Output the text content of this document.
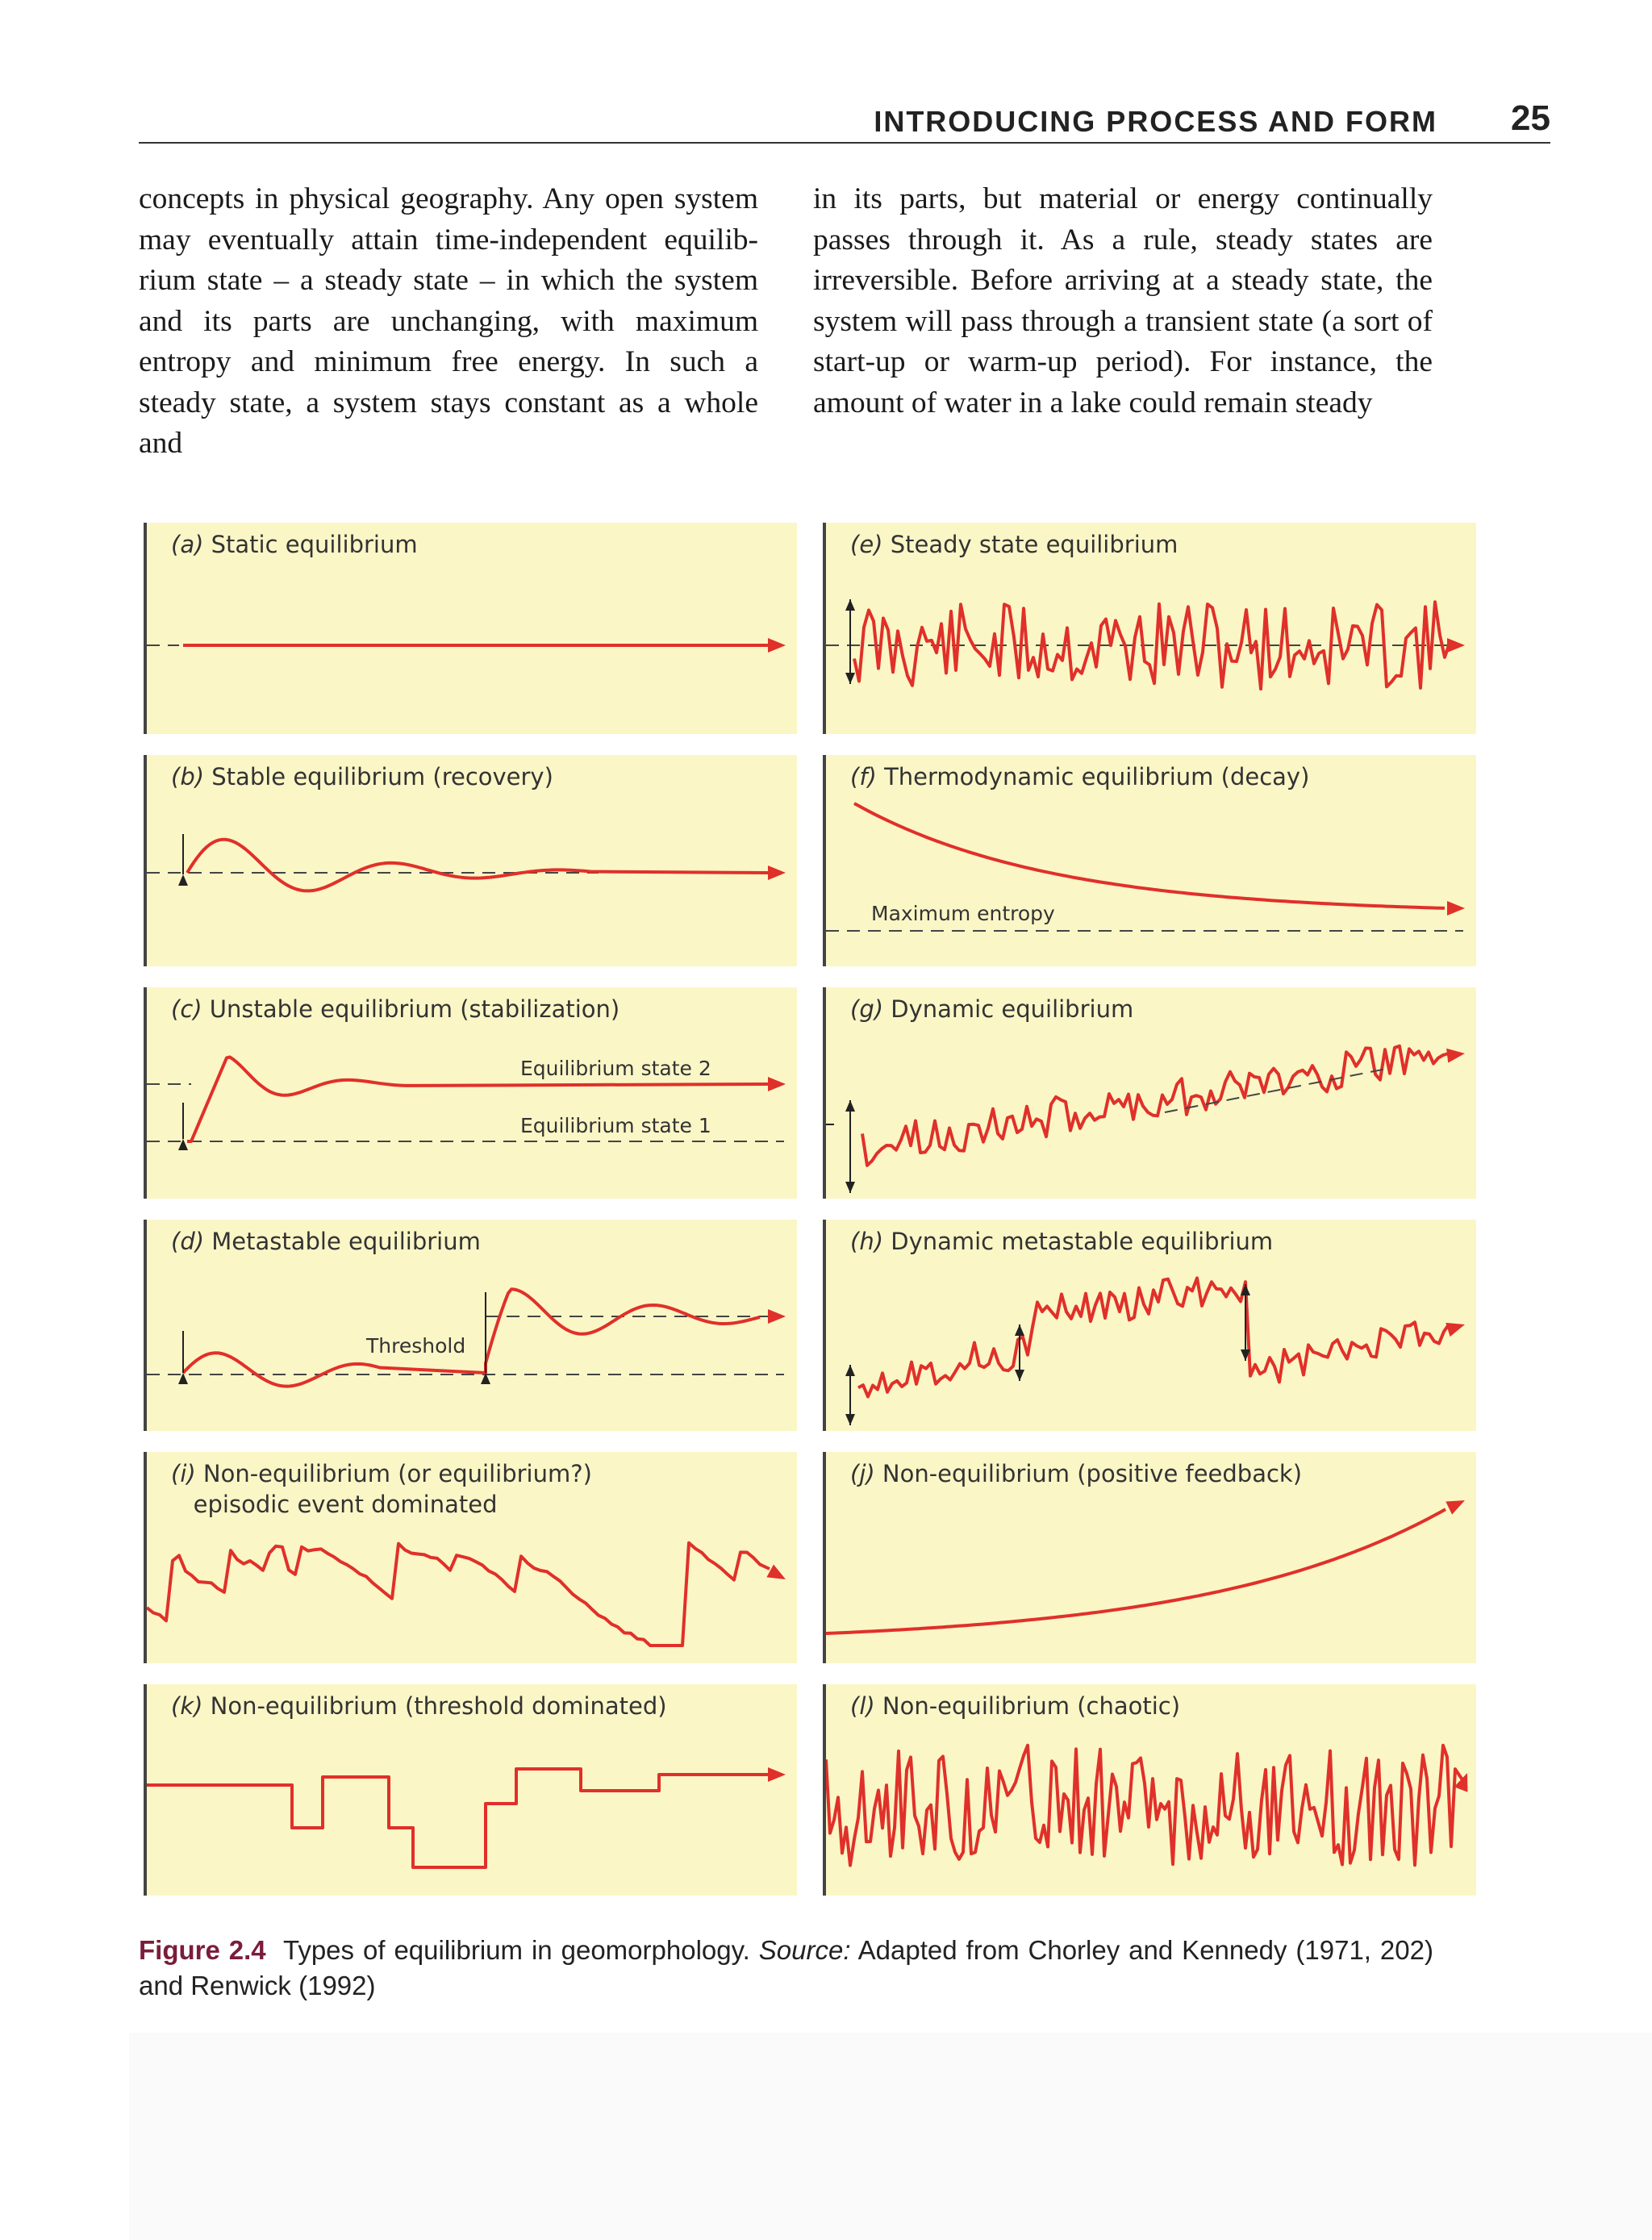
INTRODUCING PROCESS AND FORM 25
concepts in physical geography. Any open system may eventually attain time-independent equilib-rium state – a steady state – in which the system and its parts are unchanging, with maximum entropy and minimum free energy. In such a steady state, a system stays constant as a whole and
in its parts, but material or energy continually passes through it. As a rule, steady states are irreversible. Before arriving at a steady state, the system will pass through a transient state (a sort of start-up or warm-up period). For instance, the amount of water in a lake could remain steady
(a) Static equilibrium	(e) Steady state equilibrium
(b) Stable equilibrium (recovery)	(f) Thermodynamic equilibrium (decay)
Maximum entropy
(c) Unstable equilibrium (stabilization)
Equilibrium state 2
Equilibrium state 1
(g) Dynamic equilibrium
(d) Metastable equilibrium
Threshold
(h) Dynamic metastable equilibrium
(i) Non-equilibrium (or equilibrium?)
episodic event dominated
(j) Non-equilibrium (positive feedback)
(k) Non-equilibrium (threshold dominated)	(l) Non-equilibrium (chaotic)
Figure 2.4 Types of equilibrium in geomorphology. Source: Adapted from Chorley and Kennedy (1971, 202) and Renwick (1992)
